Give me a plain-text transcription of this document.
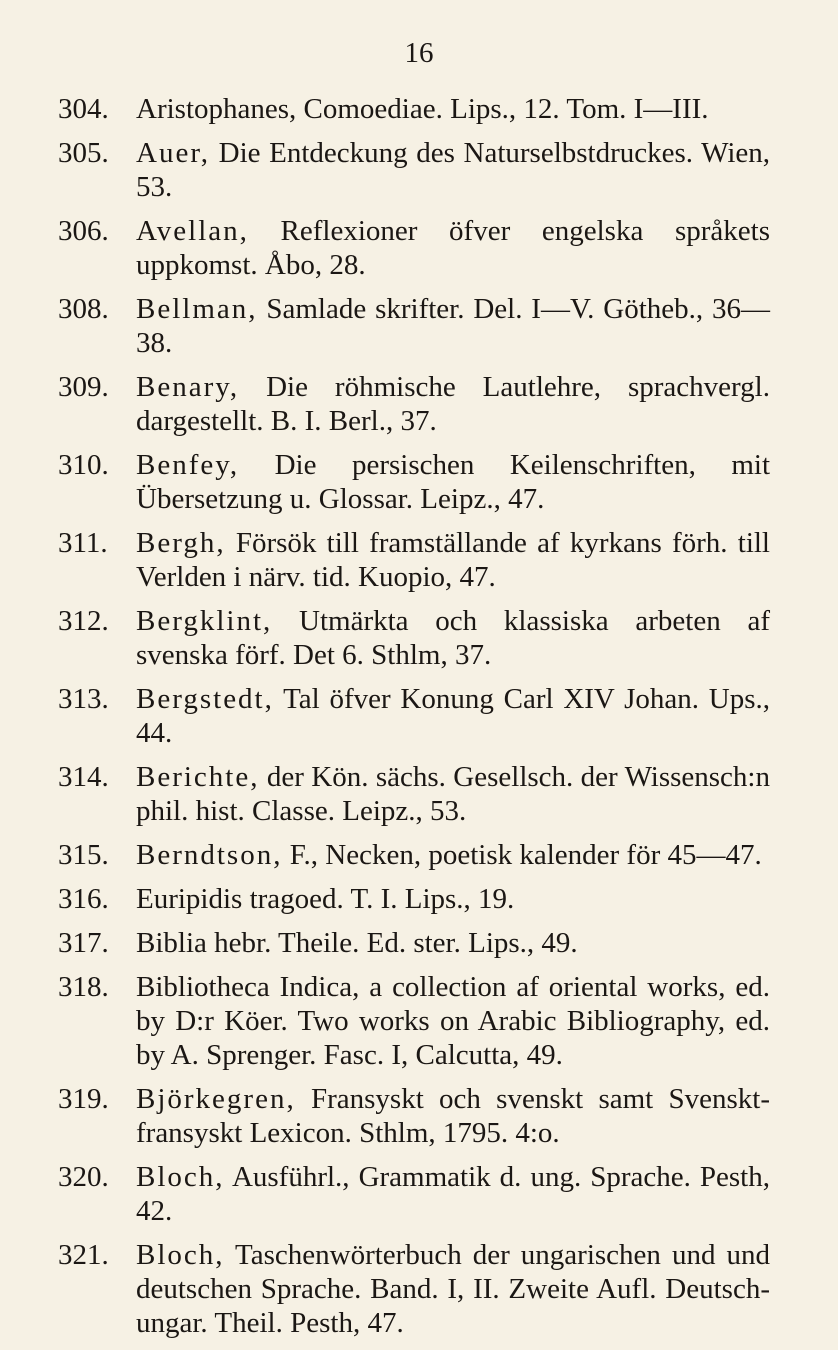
16
304. Aristophanes, Comoediae. Lips., 12. Tom. I—III.
305. Auer, Die Entdeckung des Naturselbstdruckes. Wien, 53.
306. Avellan, Reflexioner öfver engelska språkets uppkomst. Åbo, 28.
308. Bellman, Samlade skrifter. Del. I—V. Götheb., 36—38.
309. Benary, Die röhmische Lautlehre, sprachvergl. dargestellt. B. I. Berl., 37.
310. Benfey, Die persischen Keilenschriften, mit Übersetzung u. Glossar. Leipz., 47.
311. Bergh, Försök till framställande af kyrkans förh. till Verlden i närv. tid. Kuopio, 47.
312. Bergklint, Utmärkta och klassiska arbeten af svenska förf. Det 6. Sthlm, 37.
313. Bergstedt, Tal öfver Konung Carl XIV Johan. Ups., 44.
314. Berichte, der Kön. sächs. Gesellsch. der Wissensch:n phil. hist. Classe. Leipz., 53.
315. Berndtson, F., Necken, poetisk kalender för 45—47.
316. Euripidis tragoed. T. I. Lips., 19.
317. Biblia hebr. Theile. Ed. ster. Lips., 49.
318. Bibliotheca Indica, a collection af oriental works, ed. by D:r Köer. Two works on Arabic Bibliography, ed. by A. Sprenger. Fasc. I, Calcutta, 49.
319. Björkegren, Fransyskt och svenskt samt Svenskt-fransyskt Lexicon. Sthlm, 1795. 4:o.
320. Bloch, Ausführl., Grammatik d. ung. Sprache. Pesth, 42.
321. Bloch, Taschenwörterbuch der ungarischen und und deutschen Sprache. Band. I, II. Zweite Aufl. Deutsch-ungar. Theil. Pesth, 47.
